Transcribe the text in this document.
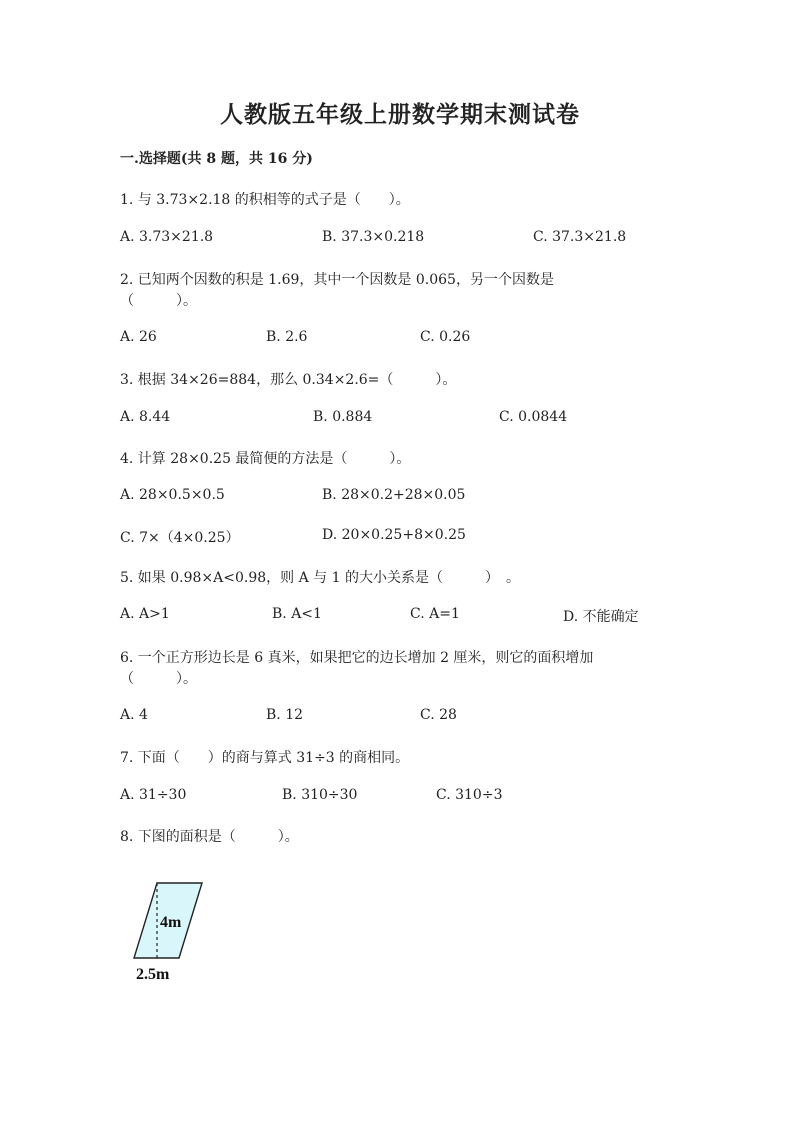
人教版五年级上册数学期末测试卷
一.选择题(共 8 题，共 16 分)
1. 与 3.73×2.18 的积相等的式子是（　　）。
A. 3.73×21.8	B. 37.3×0.218	C. 37.3×21.8
2. 已知两个因数的积是 1.69，其中一个因数是 0.065，另一个因数是
（　　　）。
A. 26	B. 2.6	C. 0.26
3. 根据 34×26=884，那么 0.34×2.6=（　　　）。
A. 8.44	B. 0.884	C. 0.0844
4. 计算 28×0.25 最简便的方法是（　　　）。
A. 28×0.5×0.5	B. 28×0.2+28×0.05
C. 7×（4×0.25）	D. 20×0.25+8×0.25
5. 如果 0.98×A<0.98，则 A 与 1 的大小关系是（　　　）　。
A. A>1	B. A<1	C. A=1	D. 不能确定
6. 一个正方形边长是 6 真米，如果把它的边长增加 2 厘米，则它的面积增加
（　　　）。
A. 4	B. 12	C. 28
7. 下面（　　）的商与算式 31÷3 的商相同。
A. 31÷30	B. 310÷30	C. 310÷3
8. 下图的面积是（　　　）。
4m
2.5m
